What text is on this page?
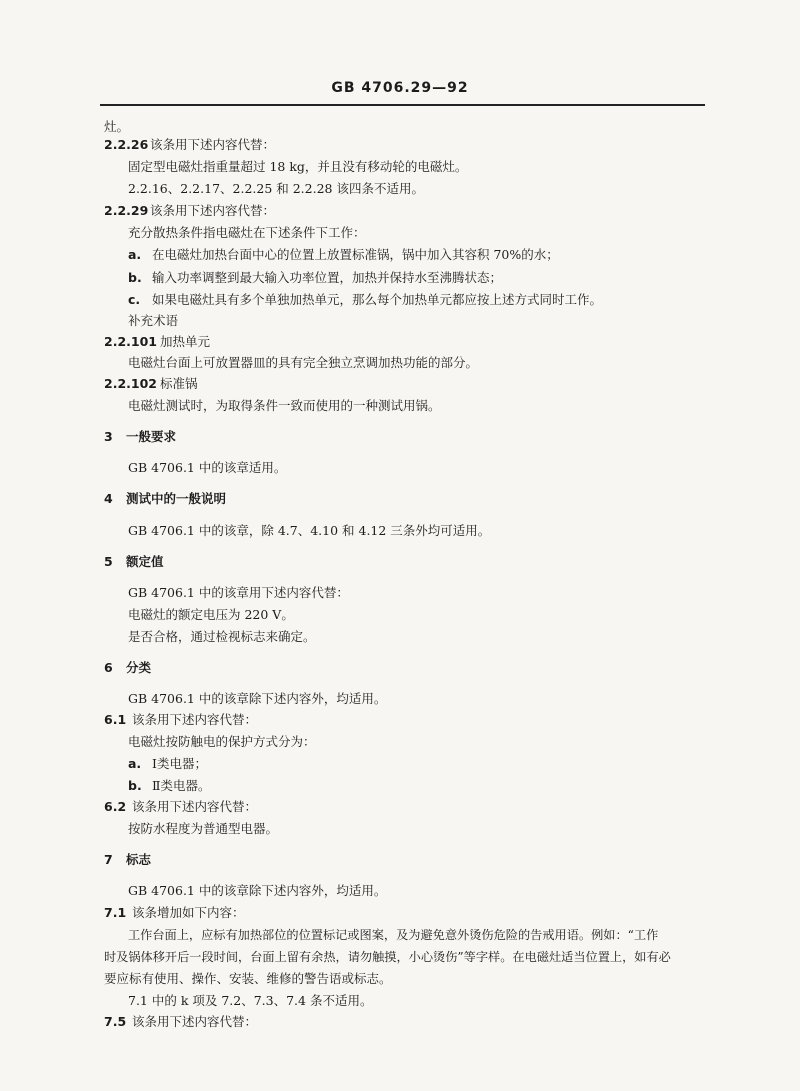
GB 4706.29—92
灶。
2.2.26 该条用下述内容代替：
固定型电磁灶指重量超过 18 kg，并且没有移动轮的电磁灶。
2.2.16、2.2.17、2.2.25 和 2.2.28 该四条不适用。
2.2.29 该条用下述内容代替：
充分散热条件指电磁灶在下述条件下工作：
a. 在电磁灶加热台面中心的位置上放置标准锅，锅中加入其容积 70%的水；
b. 输入功率调整到最大输入功率位置，加热并保持水至沸腾状态；
c. 如果电磁灶具有多个单独加热单元，那么每个加热单元都应按上述方式同时工作。
补充术语
2.2.101 加热单元
电磁灶台面上可放置器皿的具有完全独立烹调加热功能的部分。
2.2.102 标准锅
电磁灶测试时，为取得条件一致而使用的一种测试用锅。
3 一般要求
GB 4706.1 中的该章适用。
4 测试中的一般说明
GB 4706.1 中的该章，除 4.7、4.10 和 4.12 三条外均可适用。
5 额定值
GB 4706.1 中的该章用下述内容代替：
电磁灶的额定电压为 220 V。
是否合格，通过检视标志来确定。
6 分类
GB 4706.1 中的该章除下述内容外，均适用。
6.1 该条用下述内容代替：
电磁灶按防触电的保护方式分为：
a. Ⅰ类电器；
b. Ⅱ类电器。
6.2 该条用下述内容代替：
按防水程度为普通型电器。
7 标志
GB 4706.1 中的该章除下述内容外，均适用。
7.1 该条增加如下内容：
工作台面上，应标有加热部位的位置标记或图案，及为避免意外烫伤危险的告戒用语。例如：“工作
时及锅体移开后一段时间，台面上留有余热，请勿触摸，小心烫伤”等字样。在电磁灶适当位置上，如有必
要应标有使用、操作、安装、维修的警告语或标志。
7.1 中的 k 项及 7.2、7.3、7.4 条不适用。
7.5 该条用下述内容代替：
